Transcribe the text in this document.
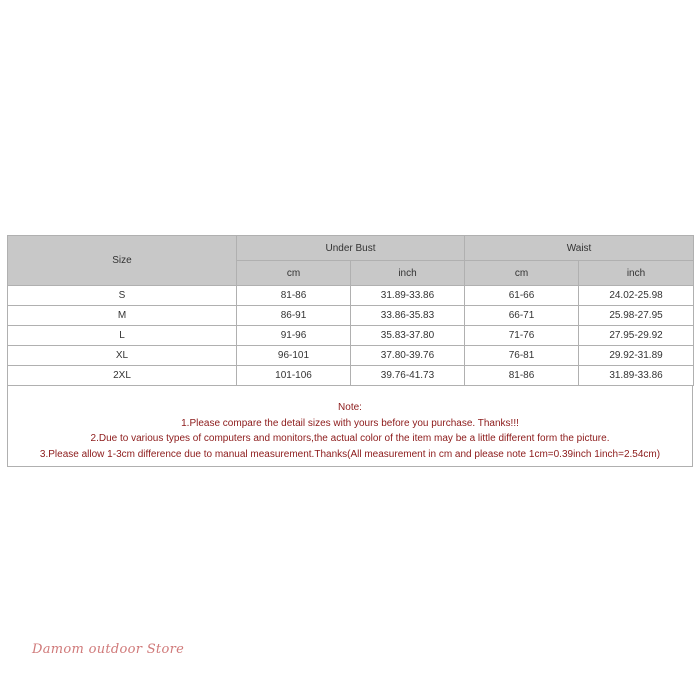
Size	Under Bust		Waist	
	cm	inch	cm	inch
S	81-86	31.89-33.86	61-66	24.02-25.98
M	86-91	33.86-35.83	66-71	25.98-27.95
L	91-96	35.83-37.80	71-76	27.95-29.92
XL	96-101	37.80-39.76	76-81	29.92-31.89
2XL	101-106	39.76-41.73	81-86	31.89-33.86
Note:
1.Please compare the detail sizes with yours before you purchase. Thanks!!!
2.Due to various types of computers and monitors,the actual color of the item may be a little different form the picture.
3.Please allow 1-3cm difference due to manual measurement.Thanks(All measurement in cm and please note 1cm=0.39inch 1inch=2.54cm)
Damom outdoor Store
